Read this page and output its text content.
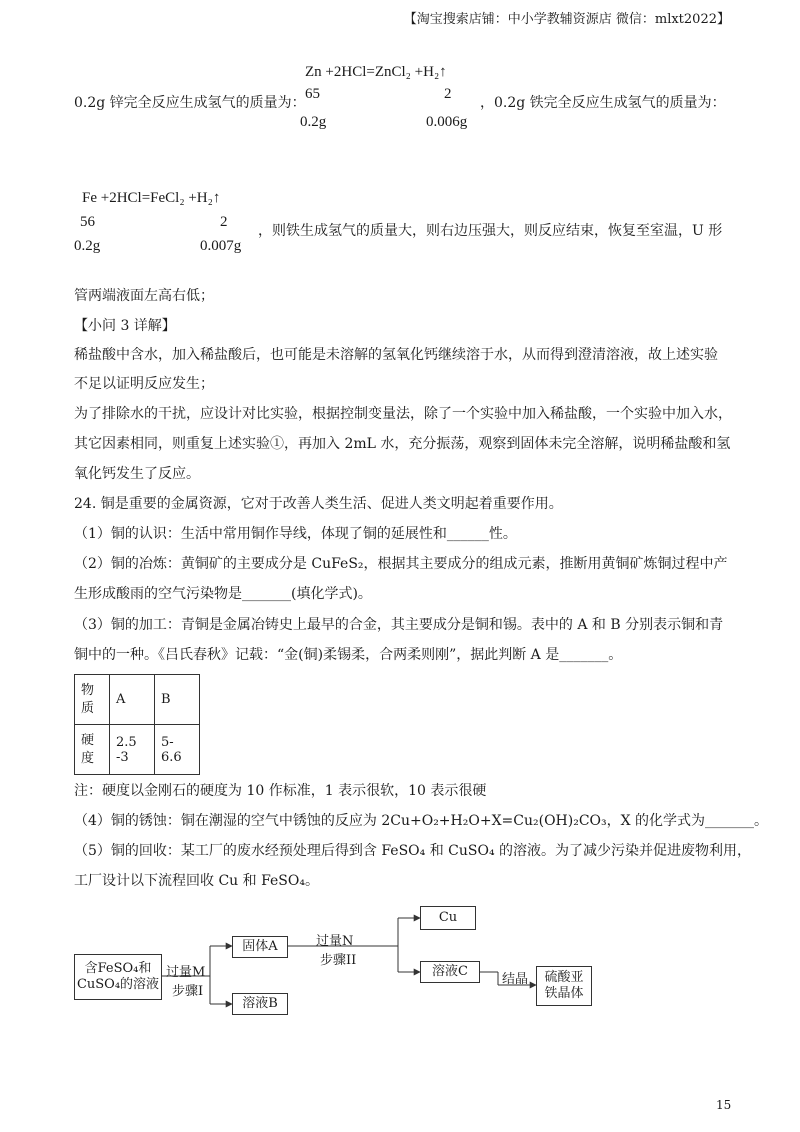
【淘宝搜索店铺：中小学教辅资源店 微信：mlxt2022】
Zn +2HCl=ZnCl₂ +H₂↑
0.2g 锌完全反应生成氢气的质量为：
65	2
，0.2g 铁完全反应生成氢气的质量为：
0.2g	0.006g
Fe +2HCl=FeCl₂ +H₂↑
56	2
，则铁生成氢气的质量大，则右边压强大，则反应结束，恢复至室温，U 形
0.2g	0.007g
管两端液面左高右低；
【小问 3 详解】
稀盐酸中含水，加入稀盐酸后，也可能是未溶解的氢氧化钙继续溶于水，从而得到澄清溶液，故上述实验
不足以证明反应发生；
为了排除水的干扰，应设计对比实验，根据控制变量法，除了一个实验中加入稀盐酸，一个实验中加入水，
其它因素相同，则重复上述实验①，再加入 2mL 水，充分振荡，观察到固体未完全溶解，说明稀盐酸和氢
氧化钙发生了反应。
24. 铜是重要的金属资源，它对于改善人类生活、促进人类文明起着重要作用。
（1）铜的认识：生活中常用铜作导线，体现了铜的延展性和______性。
（2）铜的冶炼：黄铜矿的主要成分是 CuFeS₂，根据其主要成分的组成元素，推断用黄铜矿炼铜过程中产
生形成酸雨的空气污染物是_______(填化学式)。
（3）铜的加工：青铜是金属冶铸史上最早的合金，其主要成分是铜和锡。表中的 A 和 B 分别表示铜和青
铜中的一种。《吕氏春秋》记载：“金(铜)柔锡柔，合两柔则刚”，据此判断 A 是_______。
物质	A	B

硬度	2.5-3	5-6.6
注：硬度以金刚石的硬度为 10 作标准，1 表示很软，10 表示很硬
（4）铜的锈蚀：铜在潮湿的空气中锈蚀的反应为 2Cu+O₂+H₂O+X=Cu₂(OH)₂CO₃，X 的化学式为_______。
（5）铜的回收：某工厂的废水经预处理后得到含 FeSO₄ 和 CuSO₄ 的溶液。为了减少污染并促进废物利用，
工厂设计以下流程回收 Cu 和 FeSO₄。
含FeSO₄和
CuSO₄的溶液
过量M
步骤I
固体A
溶液B
过量N
步骤II
Cu
溶液C
结晶 硫酸亚
铁晶体
15
